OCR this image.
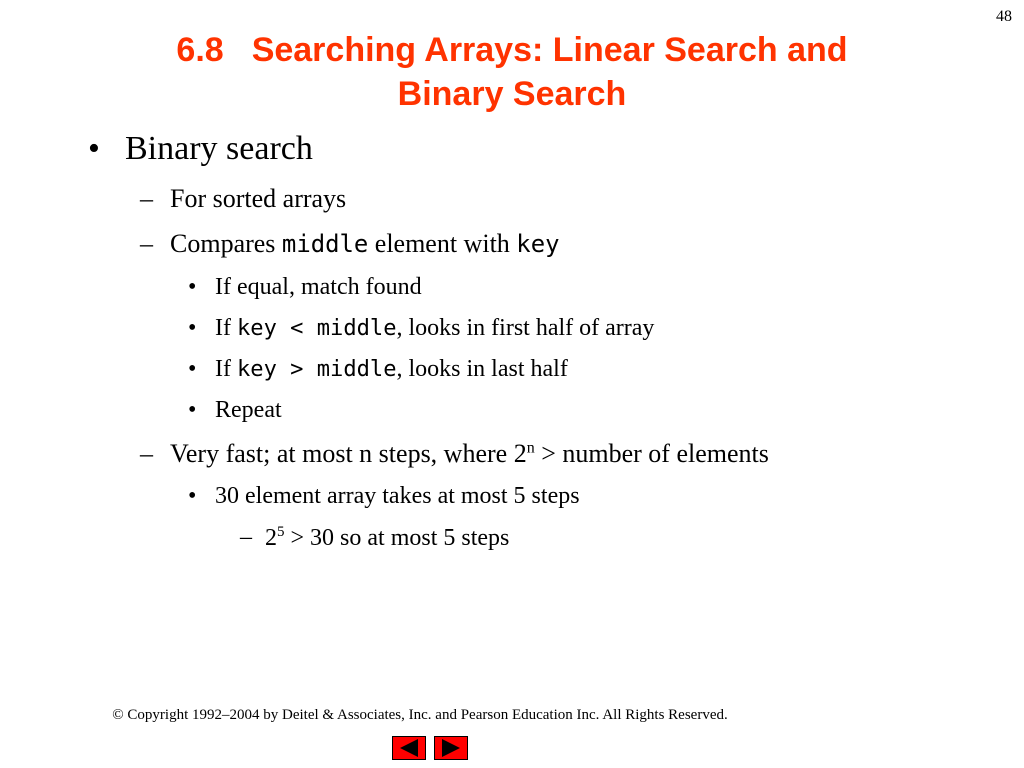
48
6.8 Searching Arrays: Linear Search and
Binary Search
• Binary search
– For sorted arrays
– Compares middle element with key
• If equal, match found
• If key < middle, looks in first half of array
• If key > middle, looks in last half
• Repeat
– Very fast; at most n steps, where $2^n$ > number of elements
• 30 element array takes at most 5 steps
– $2^5 > 30$ so at most 5 steps
© Copyright 1992–2004 by Deitel & Associates, Inc. and Pearson Education Inc. All Rights Reserved.
